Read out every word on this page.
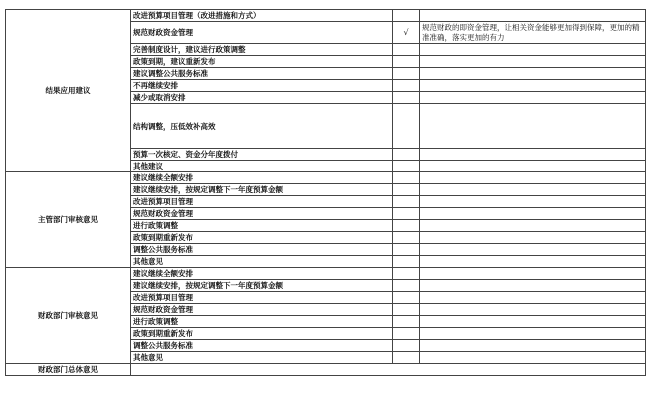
结果应用建议	改进预算项目管理（改进措施和方式）		
	规范财政资金管理	√	规范财政的即资金管理，让相关资金能够更加得到保障，更加的精准准确，落实更加的有力
	完善制度设计，建议进行政策调整		
	政策到期，建议重新发布		
	建议调整公共服务标准		
	不再继续安排		
	减少或取消安排		
	结构调整，压低效补高效		
	预算一次核定、资金分年度拨付		
	其他建议		
主管部门审核意见	建议继续全额安排		
	建议继续安排，按规定调整下一年度预算金额		
	改进预算项目管理		
	规范财政资金管理		
	进行政策调整		
	政策到期重新发布		
	调整公共服务标准		
	其他意见		
财政部门审核意见	建议继续全额安排		
	建议继续安排，按规定调整下一年度预算金额		
	改进预算项目管理		
	规范财政资金管理		
	进行政策调整		
	政策到期重新发布		
	调整公共服务标准		
	其他意见		
财政部门总体意见			
